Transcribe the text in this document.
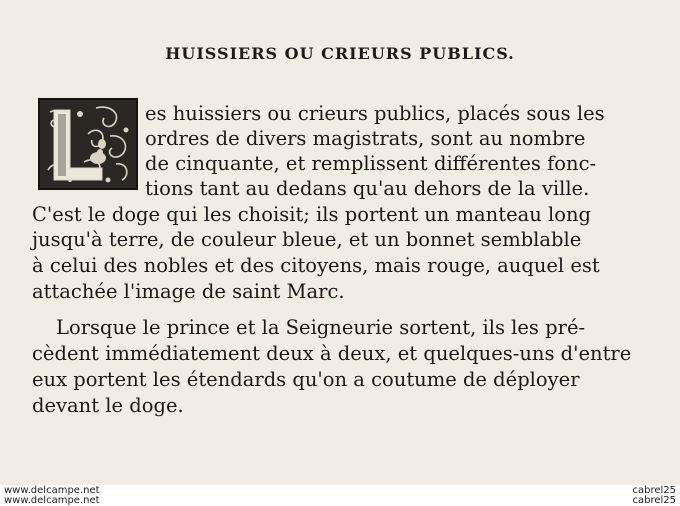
HUISSIERS OU CRIEURS PUBLICS.
es huissiers ou crieurs publics, placés sous les
ordres de divers magistrats, sont au nombre
de cinquante, et remplissent différentes fonc-
tions tant au dedans qu'au dehors de la ville.
C'est le doge qui les choisit; ils portent un manteau long
jusqu'à terre, de couleur bleue, et un bonnet semblable
à celui des nobles et des citoyens, mais rouge, auquel est
attachée l'image de saint Marc.
Lorsque le prince et la Seigneurie sortent, ils les pré-
cèdent immédiatement deux à deux, et quelques-uns d'entre
eux portent les étendards qu'on a coutume de déployer
devant le doge.
www.delcampe.net
www.delcampe.net
cabrel25
cabrel25
